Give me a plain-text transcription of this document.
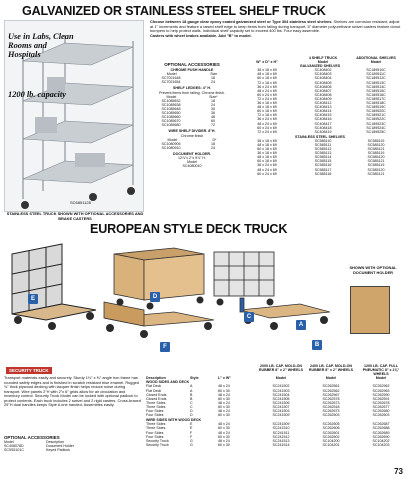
GALVANIZED OR STAINLESS STEEL SHELF TRUCK
Choose between 18 gauge clear epoxy coated galvanized steel or Type 304 stainless steel shelves. Shelves are corrosion resistant, adjust at 1" increments and feature a raised shelf edge to keep items from falling during transport. 5" diameter polyurethane swivel casters feature donut bumpers to help protect walls. Individual shelf capacity set to exceed 400 lbs. Four easy assemble.
Casters with wheel brakes available. Add "B" to model.
Use in Labs, Clean Rooms and Hospitals
1200 lb. capacity
SC6851128
STAINLESS STEEL TRUCK SHOWN WITH OPTIONAL ACCESSORIES AND BRAKE CASTERS
OPTIONAL ACCESSORIES
CHROME PUSH HANDLE
Model	Size
SC7021648	18
SC7021654	24
SHELF LEDGES: 4" H.
Prevent items from falling. Chrome finish.
Model	Size*
SC1085632	18
SC1085638	24
SC1085648	30
SC1085650	36
SC1085660	48
SC1085670	60
SC1085680	72
WIRE SHELF DIVIDER. 8"H.
Chrome finish
Model	D*
SC1080905	18
SC1080910	24
DOCUMENT HOLDER.
12⅞"x 2"x 9⅞" H.
Model
SC4080010
4 SHELF TRUCK	ADDITIONAL SHELVES
W" x D" x H"	Model	Model
GALVANIZED SHELVES
36 x 18 x 69	SC408402	SC189510C
48 x 18 x 69	SC408403	SC189511C
60 x 18 x 69	SC408404	SC189512C
72 x 18 x 69	SC408405	SC189513C
36 x 24 x 69	SC408406	SC189514C
48 x 24 x 69	SC408407	SC189515C
60 x 24 x 69	SC408408	SC189516C
72 x 24 x 69	SC408409	SC189517C
36 x 18 x 69	SC408412	SC189518C
48 x 18 x 69	SC408413	SC189519C
60 x 18 x 69	SC408414	SC189520C
72 x 18 x 69	SC408415	SC189521C
36 x 24 x 69	SC408416	SC189522C
48 x 24 x 69	SC408417	SC189523C
60 x 24 x 69	SC408418	SC189524C
72 x 24 x 69	SC408419	SC189525C
STAINLESS STEEL SHELVES
36 x 18 x 69	SC585110	SC585119
48 x 18 x 69	SC585111	SC585120
60 x 18 x 69	SC585112	SC585121
36 x 18 x 69	SC585113	SC585119
48 x 18 x 69	SC585114	SC585120
60 x 18 x 69	SC585115	SC585121
36 x 24 x 69	SC585116	SC585119
48 x 24 x 69	SC585117	SC585120
60 x 24 x 69	SC585118	SC585121
EUROPEAN STYLE DECK TRUCK
E	D
F
C
A
B
SHOWN WITH OPTIONAL DOCUMENT HOLDER
SECURITY TRUCK
Transport materials easily and securely. Sturdy 1⅛" x ⅝" angle iron frame has rounded safety edges and is finished in scratch resistant blue enamel. Rugged ¾" thick plywood decking with lacquer finish helps reduce noise during transport. Wire panels 2"H with 2"x 6" grids allow for air circulation and inventory control. Security Truck Model can be locked with optional padlock to protect contents. Each truck includes 2 swivel and 2 rigid casters. Cross-braced 29"H dual handles keeps Style A one handed. Assembles easily.
OPTIONAL ACCESSORIES
Model	Description
SC408078D	Document Holder
SC5S5101C	Keyed Padlock
2000 LB. CAP. MOLD-ON RUBBER 8" x 2" WHEELS
2400 LB. CAP. MOLD-ON RUBBER 8" x 2" WHEELS
1200 LB. CAP. FULL PNEUMATIC 8" x 2⅞" WHEELS
Description	Style	L" x W"	Model	Model	Model
WOOD SIDES AND DECK
Flat Deck	A	48 x 24	SC241502	SC262561	SC262962
Flat Deck	A	60 x 30	SC241503	SC262562	SC262963
Closed Ends	B	48 x 24	SC241504	SC262567	SC262590
Closed Ends	B	60 x 30	SC241505	SC262578	SC262591
Three Sides	C	48 x 24	SC241506	SC262673	SC262678
Three Sides	C	60 x 30	SC241507	SC262518	SC262677
Four Sides	D	48 x 24	SC241503	SC262673	SC262680
Four Sides	D	60 x 30	SC241509	SC262503	SC262603
WIRE SIDES WITH WOOD DECK
Three Sides	E	48 x 24	SC241509	SC262605	SC262687
Three Sides	E	60 x 30	SC241510	SC262606	SC262688
Four Sides	F	48 x 24	SC241511	SC262601	SC262689
Four Sides	F	60 x 30	SC241512	SC262602	SC262690
Security Truck	G	48 x 24	SC241513	SC104200	SC104202
Security Truck	G	60 x 30	SC241514	SC104201	SC104203
73
